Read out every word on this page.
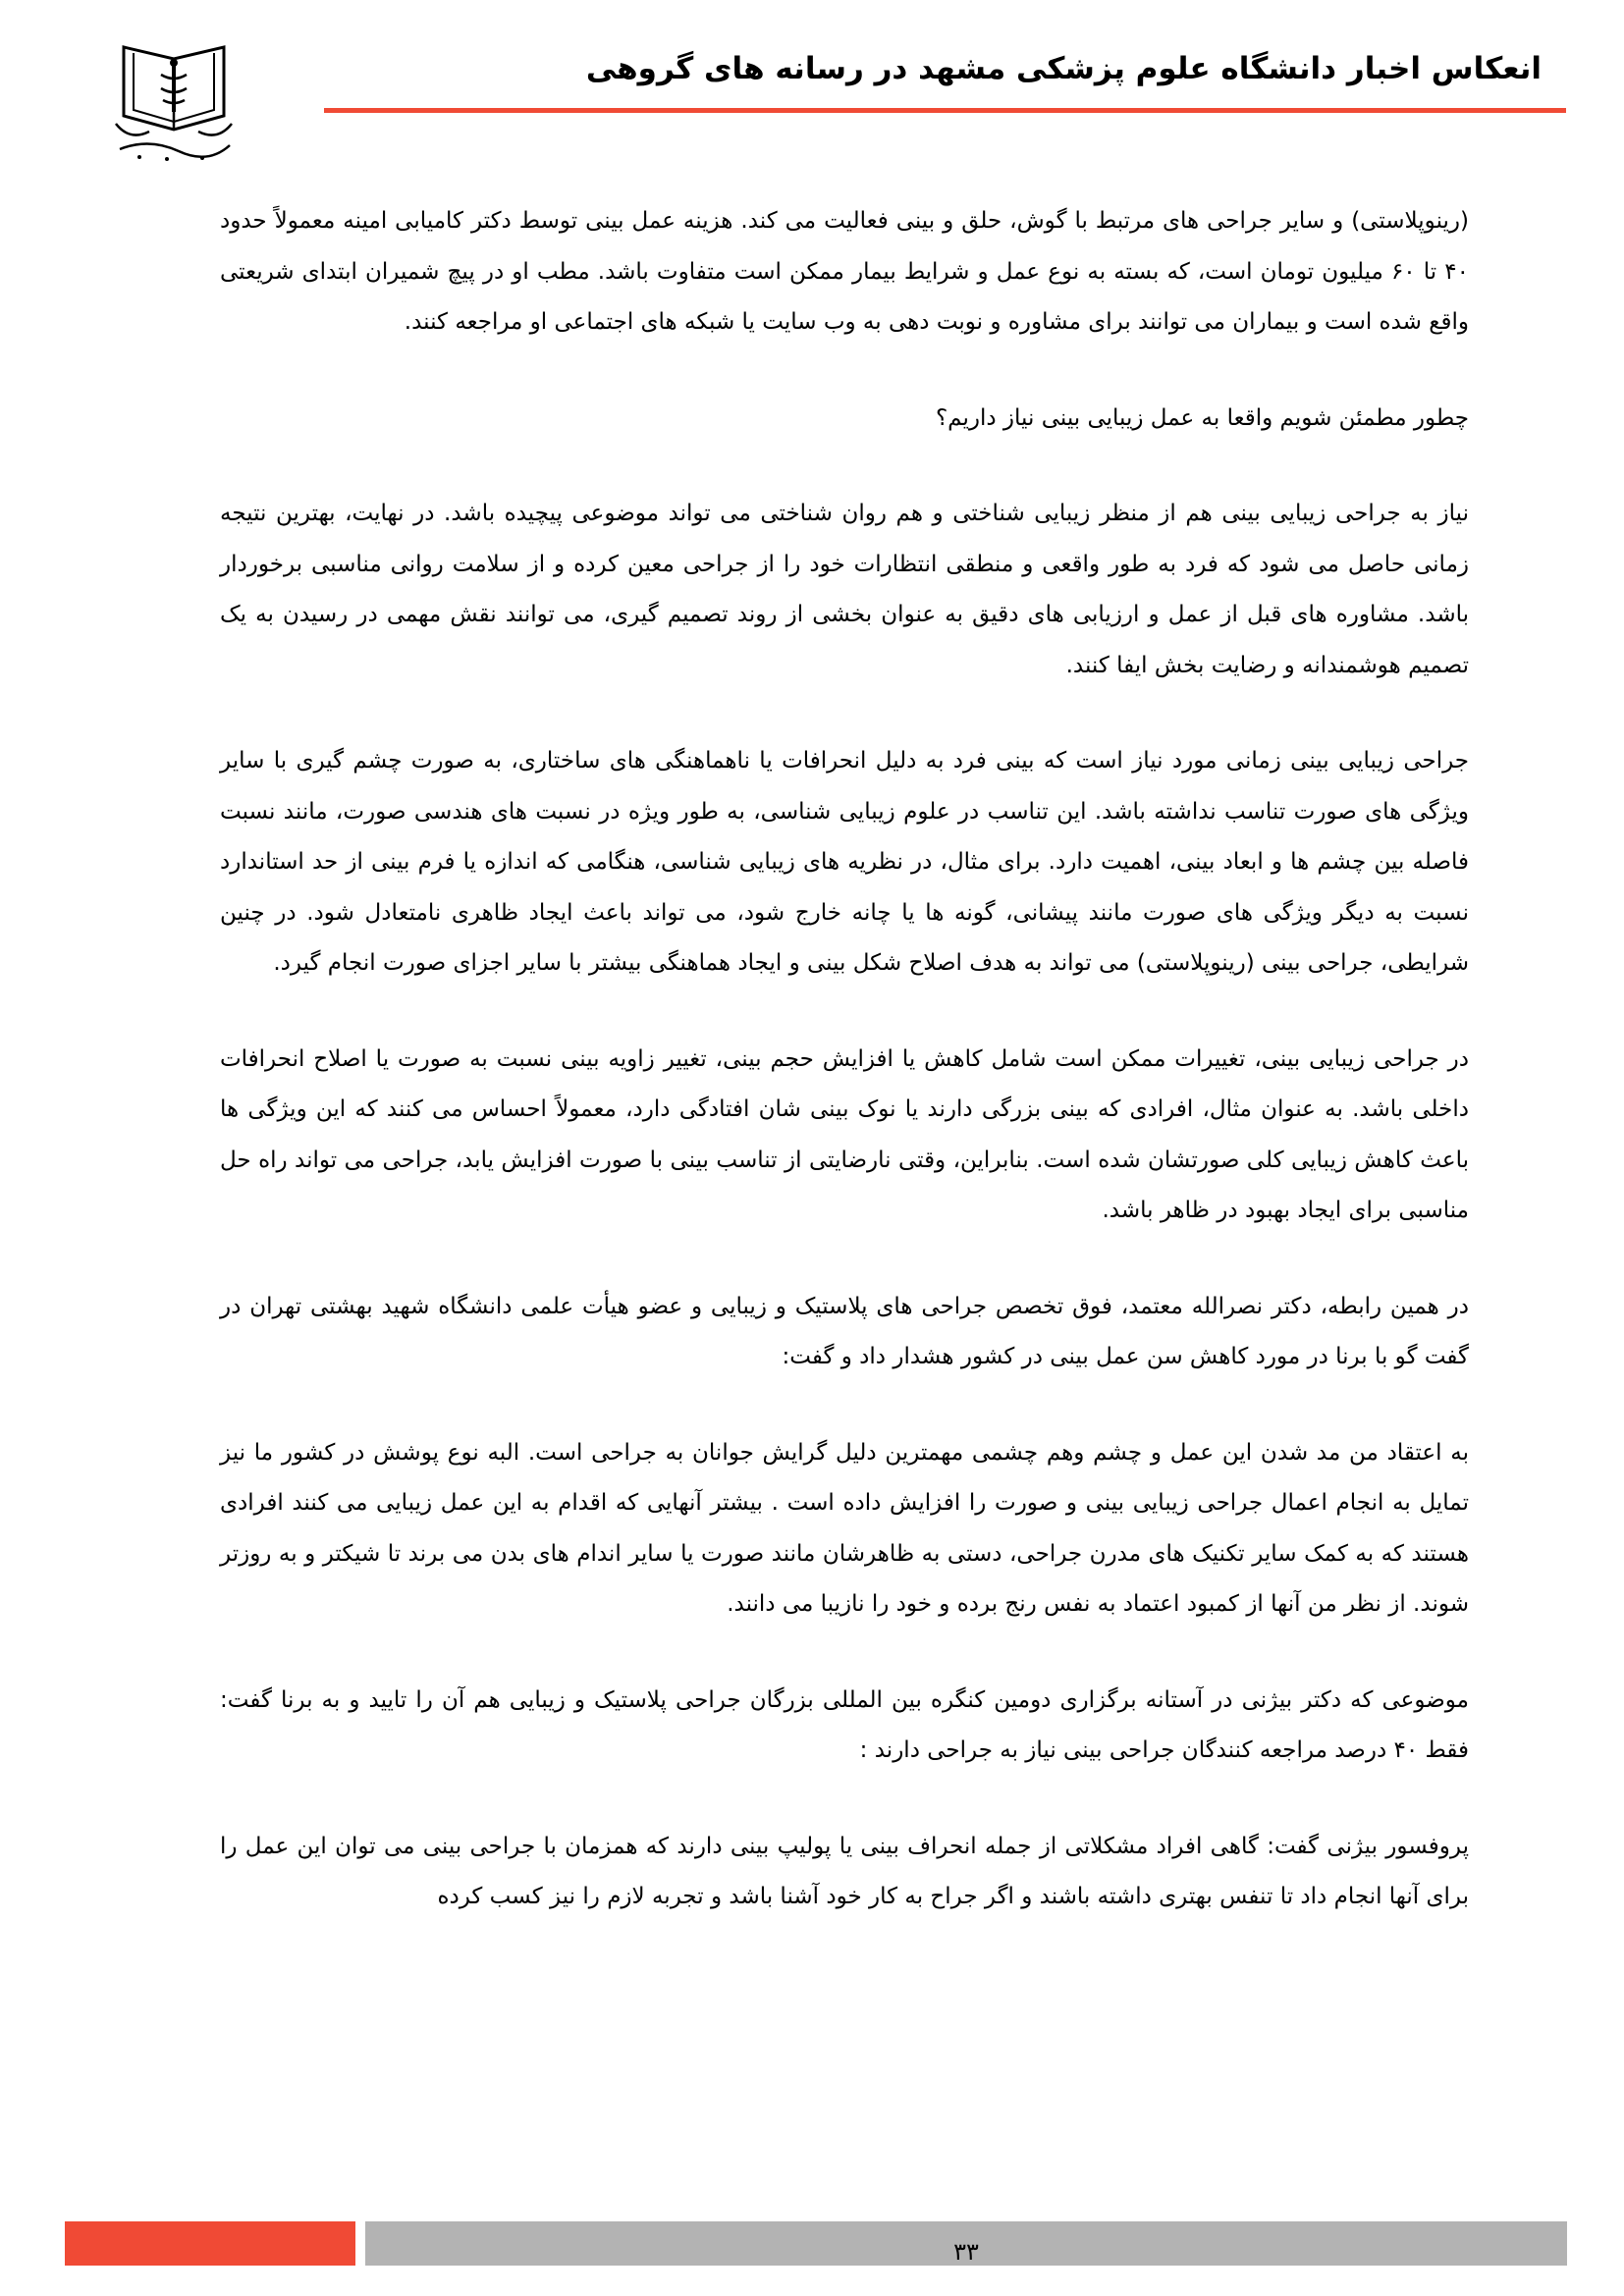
انعکاس اخبار دانشگاه علوم پزشکی مشهد در رسانه های گروهی

(رینوپلاستی) و سایر جراحی های مرتبط با گوش، حلق و بینی فعالیت می کند. هزینه عمل بینی توسط دکتر کامیابی امینه معمولاً حدود ۴۰ تا ۶۰ میلیون تومان است، که بسته به نوع عمل و شرایط بیمار ممکن است متفاوت باشد. مطب او در پیچ شمیران ابتدای شریعتی واقع شده است و بیماران می توانند برای مشاوره و نوبت دهی به وب سایت یا شبکه های اجتماعی او مراجعه کنند.

چطور مطمئن شویم واقعا به عمل زیبایی بینی نیاز داریم؟

نیاز به جراحی زیبایی بینی هم از منظر زیبایی شناختی و هم روان شناختی می تواند موضوعی پیچیده باشد. در نهایت، بهترین نتیجه زمانی حاصل می شود که فرد به طور واقعی و منطقی انتظارات خود را از جراحی معین کرده و از سلامت روانی مناسبی برخوردار باشد. مشاوره های قبل از عمل و ارزیابی های دقیق به عنوان بخشی از روند تصمیم گیری، می توانند نقش مهمی در رسیدن به یک تصمیم هوشمندانه و رضایت بخش ایفا کنند.

جراحی زیبایی بینی زمانی مورد نیاز است که بینی فرد به دلیل انحرافات یا ناهماهنگی های ساختاری، به صورت چشم گیری با سایر ویژگی های صورت تناسب نداشته باشد. این تناسب در علوم زیبایی شناسی، به طور ویژه در نسبت های هندسی صورت، مانند نسبت فاصله بین چشم ها و ابعاد بینی، اهمیت دارد. برای مثال، در نظریه های زیبایی شناسی، هنگامی که اندازه یا فرم بینی از حد استاندارد نسبت به دیگر ویژگی های صورت مانند پیشانی، گونه ها یا چانه خارج شود، می تواند باعث ایجاد ظاهری نامتعادل شود. در چنین شرایطی، جراحی بینی (رینوپلاستی) می تواند به هدف اصلاح شکل بینی و ایجاد هماهنگی بیشتر با سایر اجزای صورت انجام گیرد.

در جراحی زیبایی بینی، تغییرات ممکن است شامل کاهش یا افزایش حجم بینی، تغییر زاویه بینی نسبت به صورت یا اصلاح انحرافات داخلی باشد. به عنوان مثال، افرادی که بینی بزرگی دارند یا نوک بینی شان افتادگی دارد، معمولاً احساس می کنند که این ویژگی ها باعث کاهش زیبایی کلی صورتشان شده است. بنابراین، وقتی نارضایتی از تناسب بینی با صورت افزایش یابد، جراحی می تواند راه حل مناسبی برای ایجاد بهبود در ظاهر باشد.

در همین رابطه، دکتر نصرالله معتمد، فوق تخصص جراحی های پلاستیک و زیبایی و عضو هیأت علمی دانشگاه شهید بهشتی تهران در گفت گو با برنا در مورد کاهش سن عمل بینی در کشور هشدار داد و گفت:

به اعتقاد من مد شدن این عمل و چشم وهم چشمی مهمترین دلیل گرایش جوانان به جراحی است. البه نوع پوشش در کشور ما نیز تمایل به انجام اعمال جراحی زیبایی بینی و صورت را افزایش داده است . بیشتر آنهایی که اقدام به این عمل زیبایی می کنند افرادی هستند که به کمک سایر تکنیک های مدرن جراحی، دستی به ظاهرشان مانند صورت یا سایر اندام های بدن می برند تا شیکتر و به روزتر شوند. از نظر من آنها از کمبود اعتماد به نفس رنج برده و خود را نازیبا می دانند.

موضوعی که دکتر بیژنی در آستانه برگزاری دومین کنگره بین المللی بزرگان جراحی پلاستیک و زیبایی هم آن را تایید و به برنا گفت: فقط ۴۰ درصد مراجعه کنندگان جراحی بینی نیاز به جراحی دارند :

پروفسور بیژنی گفت: گاهی افراد مشکلاتی از جمله انحراف بینی یا پولیپ بینی دارند که همزمان با جراحی بینی می توان این عمل را برای آنها انجام داد تا تنفس بهتری داشته باشند و اگر جراح به کار خود آشنا باشد و تجربه لازم را نیز کسب کرده

۳۳
